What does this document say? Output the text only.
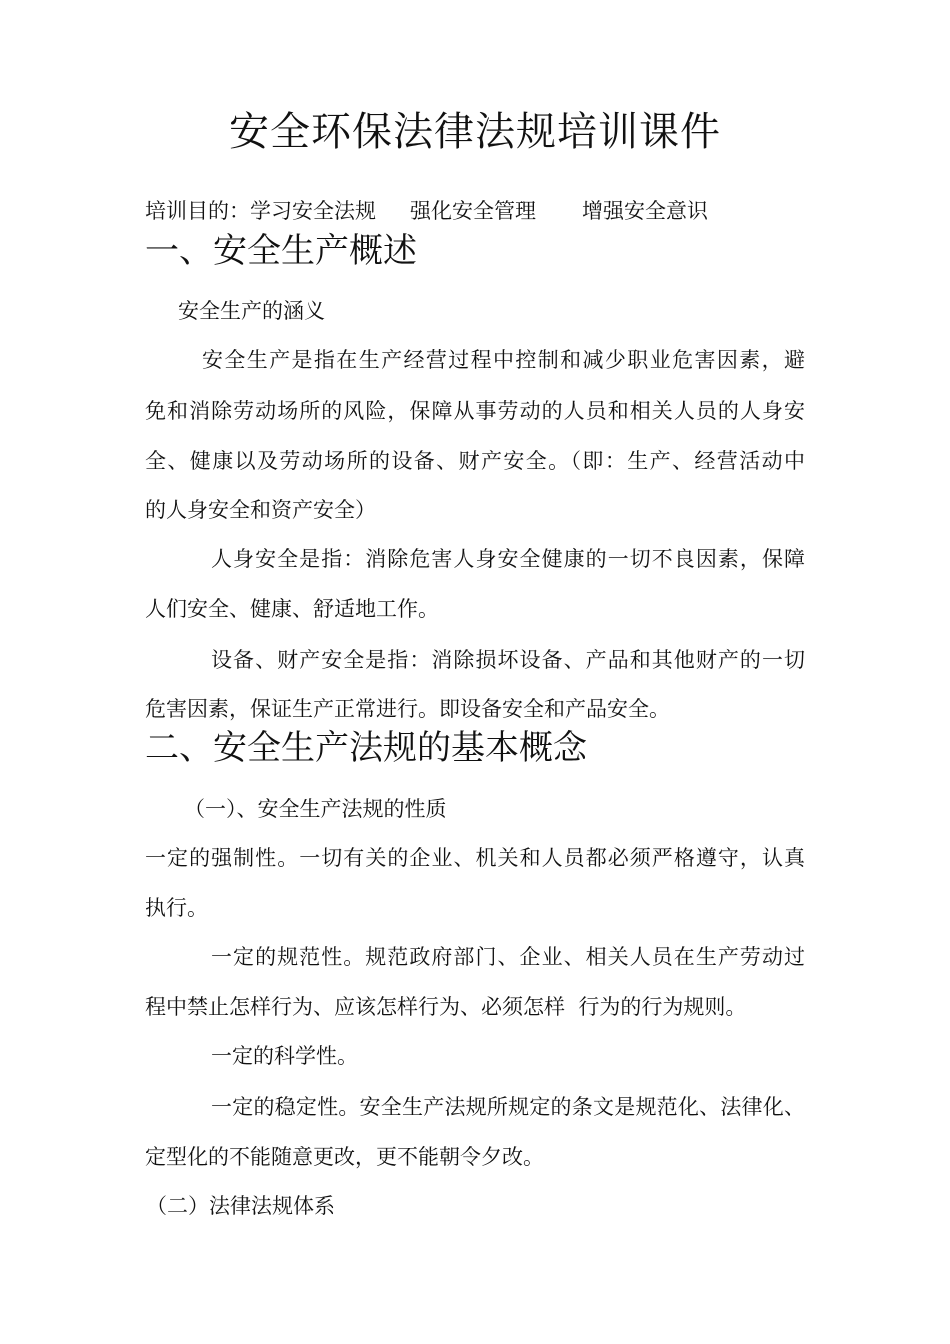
安全环保法律法规培训课件
培训目的：学习安全法规 强化安全管理 增强安全意识
一、安全生产概述
安全生产的涵义
安全生产是指在生产经营过程中控制和减少职业危害因素，避
免和消除劳动场所的风险，保障从事劳动的人员和相关人员的人身安
全、健康以及劳动场所的设备、财产安全。（即：生产、经营活动中
的人身安全和资产安全）
人身安全是指：消除危害人身安全健康的一切不良因素，保障
人们安全、健康、舒适地工作。
设备、财产安全是指：消除损坏设备、产品和其他财产的一切
危害因素，保证生产正常进行。即设备安全和产品安全。
二、安全生产法规的基本概念
（一）、安全生产法规的性质
一定的强制性。一切有关的企业、机关和人员都必须严格遵守，认真
执行。
一定的规范性。规范政府部门、企业、相关人员在生产劳动过
程中禁止怎样行为、应该怎样行为、必须怎样  行为的行为规则。
一定的科学性。
一定的稳定性。安全生产法规所规定的条文是规范化、法律化、
定型化的不能随意更改，更不能朝令夕改。
（二）法律法规体系
